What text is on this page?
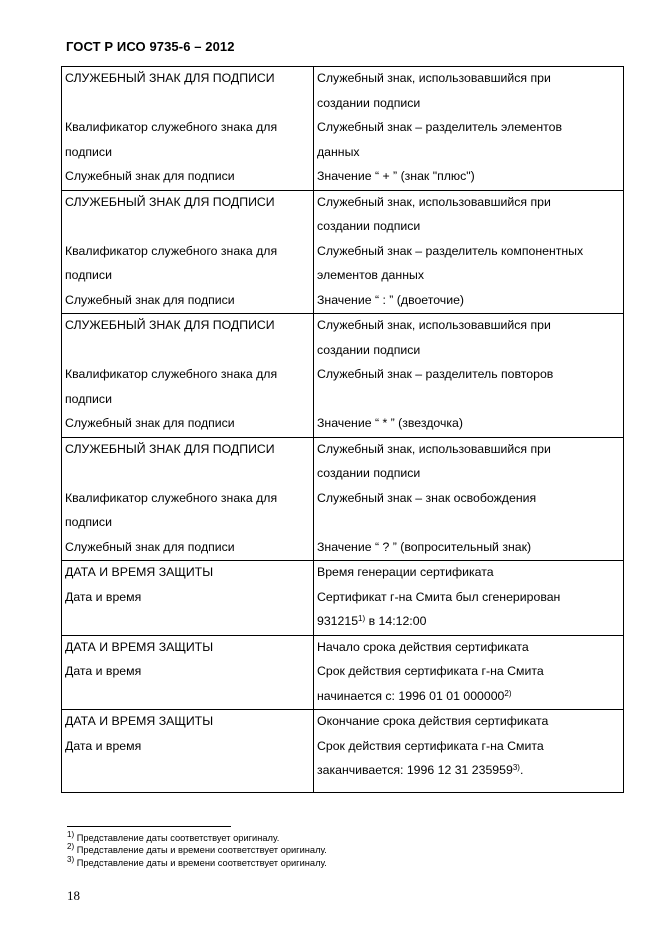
ГОСТ Р ИСО 9735-6 – 2012
СЛУЖЕБНЫЙ ЗНАК ДЛЯ ПОДПИСИ	Служебный знак, использовавшийся при
	создании подписи
Квалификатор служебного знака для	Служебный знак – разделитель элементов
подписи	данных
Служебный знак для подписи	Значение “ + ” (знак "плюс")
СЛУЖЕБНЫЙ ЗНАК ДЛЯ ПОДПИСИ	Служебный знак, использовавшийся при
	создании подписи
Квалификатор служебного знака для	Служебный знак – разделитель компонентных
подписи	элементов данных
Служебный знак для подписи	Значение “ : ” (двоеточие)
СЛУЖЕБНЫЙ ЗНАК ДЛЯ ПОДПИСИ	Служебный знак, использовавшийся при
	создании подписи
Квалификатор служебного знака для	Служебный знак – разделитель повторов
подписи	
Служебный знак для подписи	Значение “ * ” (звездочка)
СЛУЖЕБНЫЙ ЗНАК ДЛЯ ПОДПИСИ	Служебный знак, использовавшийся при
	создании подписи
Квалификатор служебного знака для	Служебный знак – знак освобождения
подписи	
Служебный знак для подписи	Значение “ ? ” (вопросительный знак)
ДАТА И ВРЕМЯ ЗАЩИТЫ	Время генерации сертификата
Дата и время	Сертификат г-на Смита был сгенерирован
	931215$^{1)}$ в 14:12:00
ДАТА И ВРЕМЯ ЗАЩИТЫ	Начало срока действия сертификата
Дата и время	Срок действия сертификата г-на Смита
	начинается с: 1996 01 01 000000$^{2)}$
ДАТА И ВРЕМЯ ЗАЩИТЫ	Окончание срока действия сертификата
Дата и время	Срок действия сертификата г-на Смита
	заканчивается: 1996 12 31 235959$^{3)}$.

$^{1)}$ Представление даты соответствует оригиналу.
$^{2)}$ Представление даты и времени соответствует оригиналу.
$^{3)}$ Представление даты и времени соответствует оригиналу.
18
